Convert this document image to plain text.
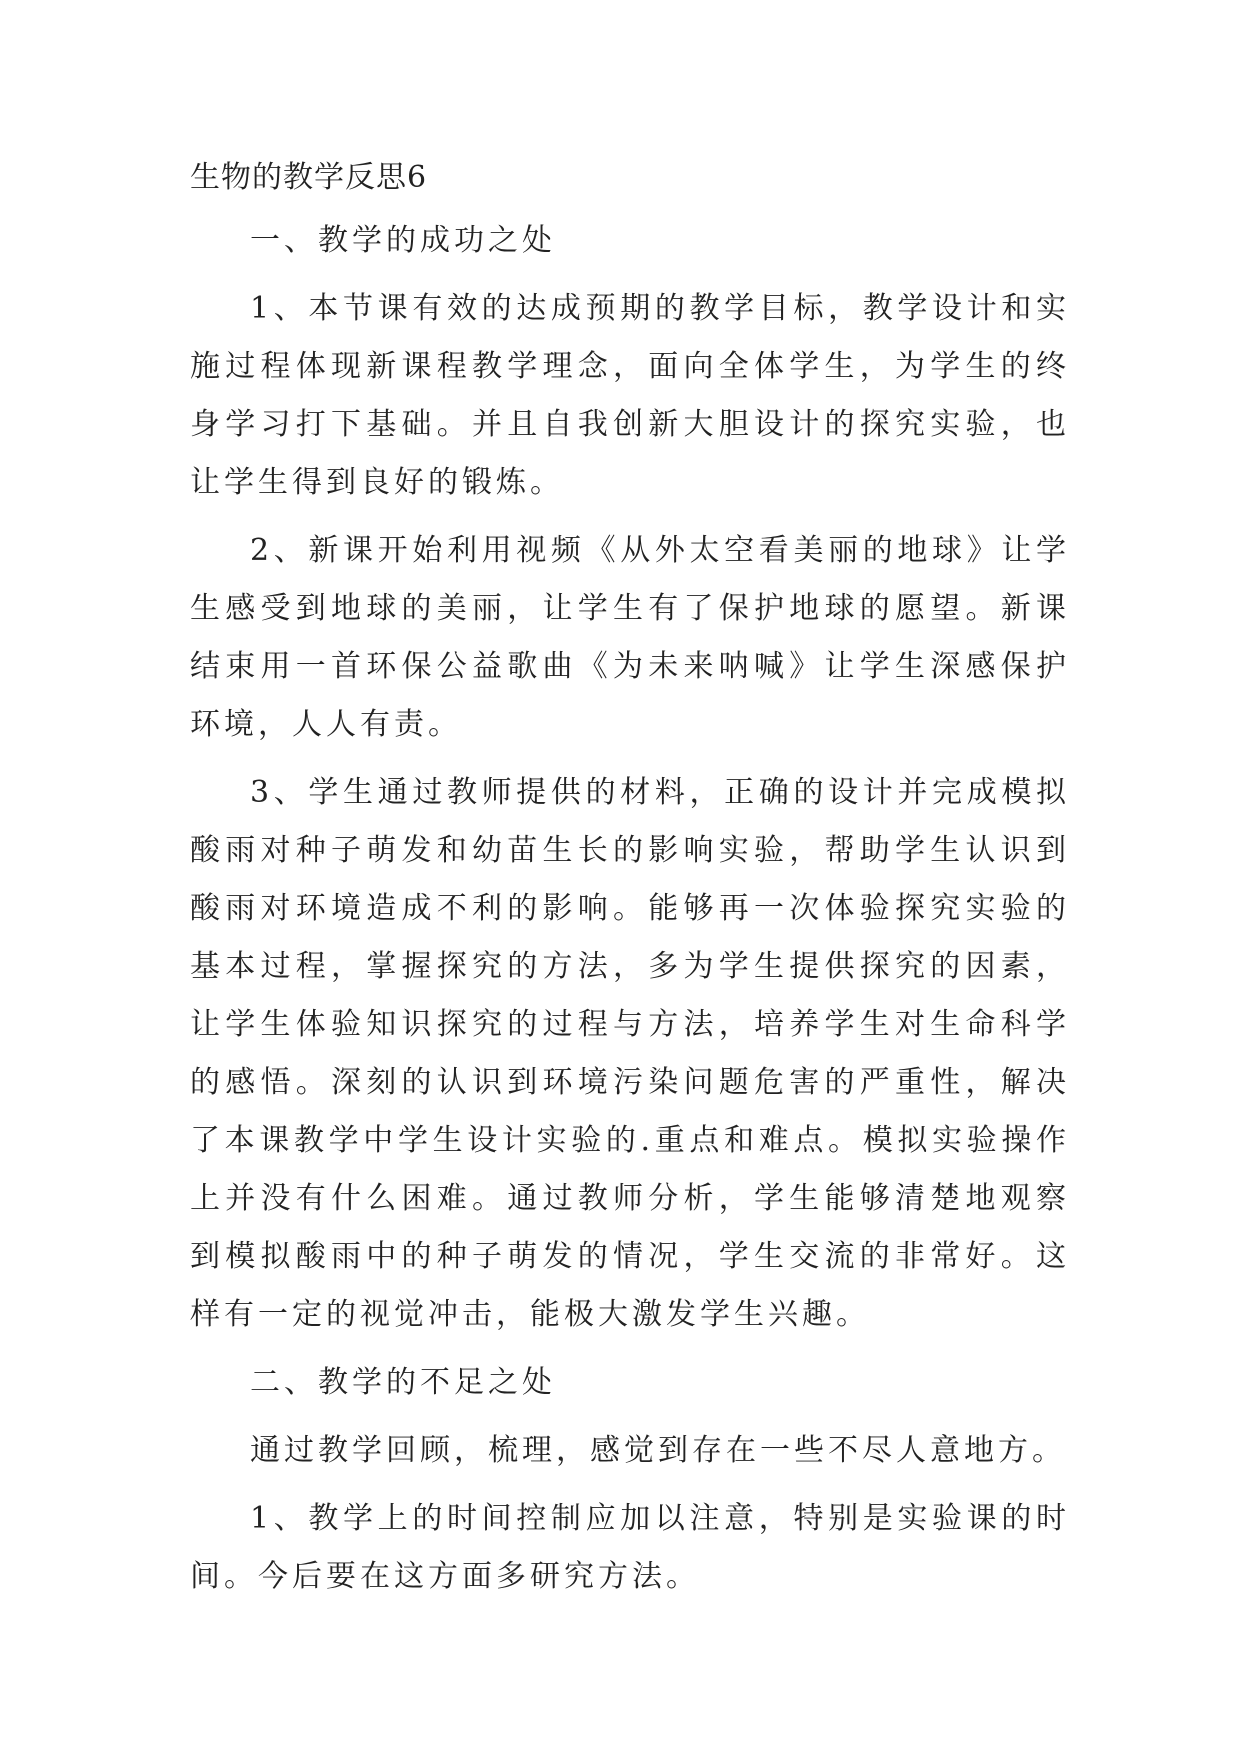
生物的教学反思6
一、教学的成功之处

1、本节课有效的达成预期的教学目标，教学设计和实施过程体现新课程教学理念，面向全体学生，为学生的终身学习打下基础。并且自我创新大胆设计的探究实验，也让学生得到良好的锻炼。

2、新课开始利用视频《从外太空看美丽的地球》让学生感受到地球的美丽，让学生有了保护地球的愿望。新课结束用一首环保公益歌曲《为未来呐喊》让学生深感保护环境，人人有责。

3、学生通过教师提供的材料，正确的设计并完成模拟酸雨对种子萌发和幼苗生长的影响实验，帮助学生认识到酸雨对环境造成不利的影响。能够再一次体验探究实验的基本过程，掌握探究的方法，多为学生提供探究的因素，让学生体验知识探究的过程与方法，培养学生对生命科学的感悟。深刻的认识到环境污染问题危害的严重性，解决了本课教学中学生设计实验的.重点和难点。模拟实验操作上并没有什么困难。通过教师分析，学生能够清楚地观察到模拟酸雨中的种子萌发的情况，学生交流的非常好。这样有一定的视觉冲击，能极大激发学生兴趣。

二、教学的不足之处

通过教学回顾，梳理，感觉到存在一些不尽人意地方。

1、教学上的时间控制应加以注意，特别是实验课的时间。今后要在这方面多研究方法。
